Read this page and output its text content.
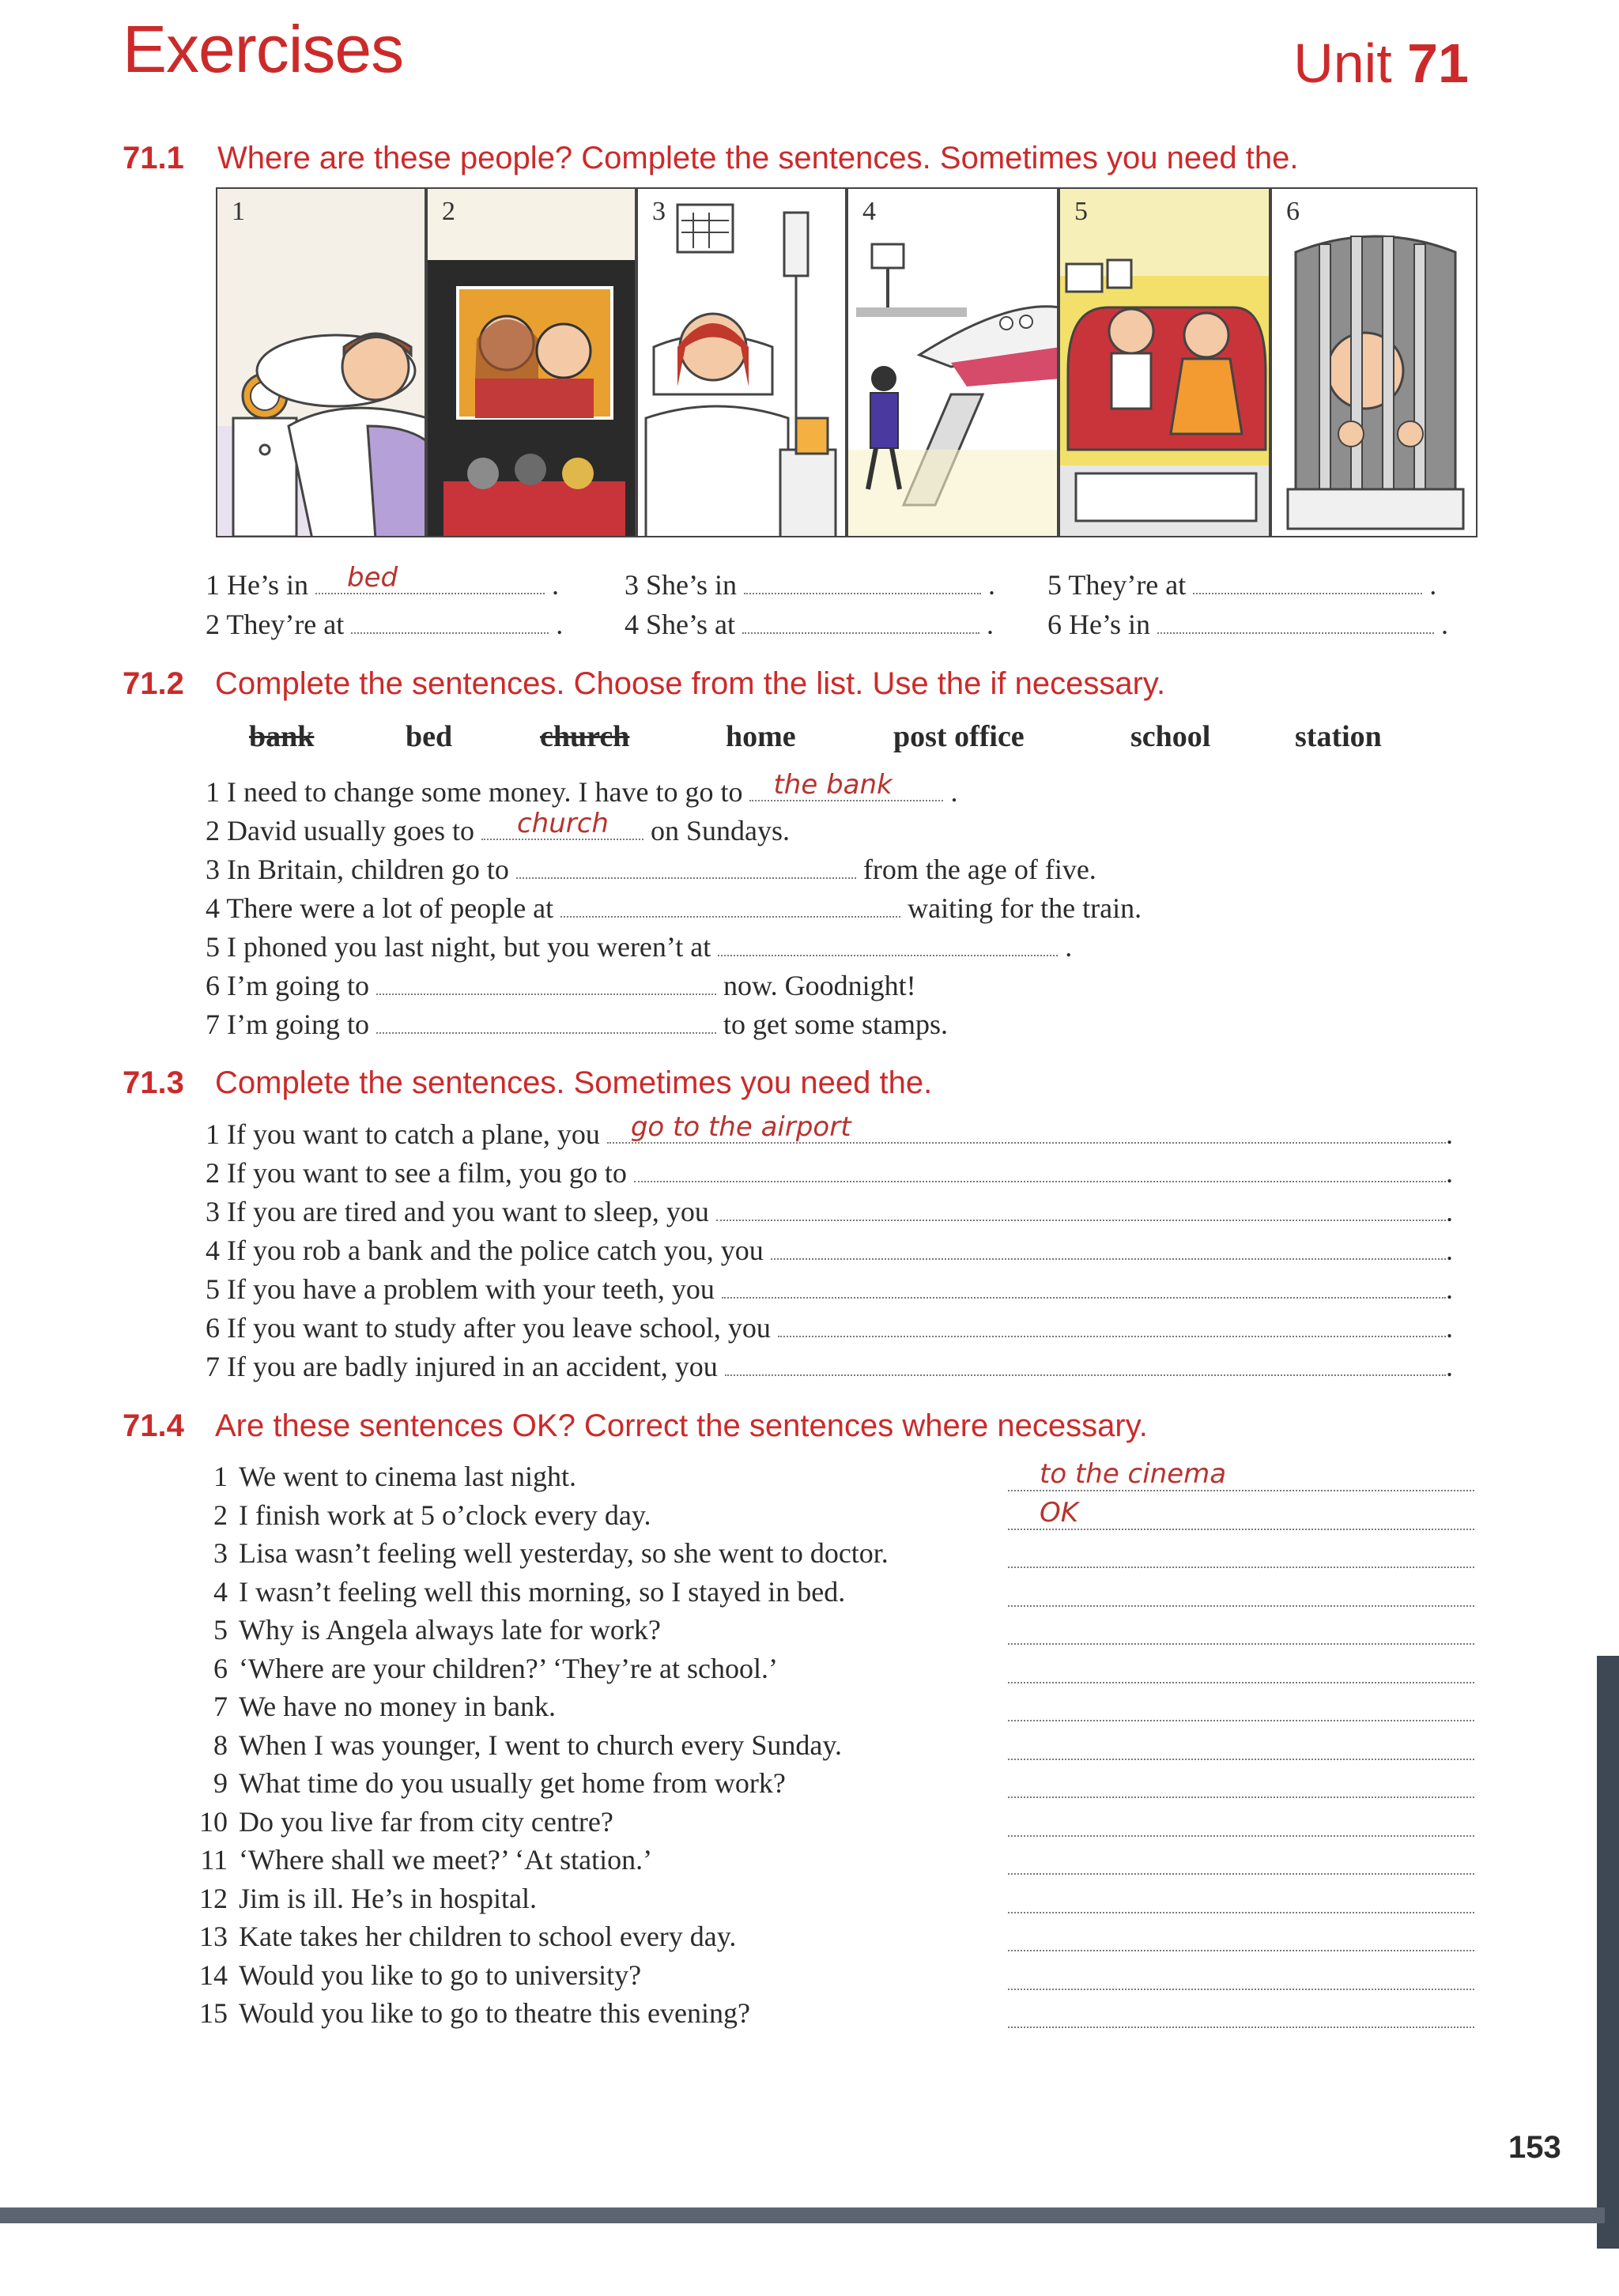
Exercises	Unit 71
71.1 Where are these people? Complete the sentences. Sometimes you need the.
1	2	3	4	5	6
1 He’s in bed	.
2 They’re at	.
3 She’s in	.
4 She’s at	.
5 They’re at	.
6 He’s in	.
71.2 Complete the sentences. Choose from the list. Use the if necessary.
bank	bed	church	home	post office	school	station
1 I need to change some money. I have to go to the bank .
2 David usually goes to church on Sundays.
3 In Britain, children go to	from the age of five.
4 There were a lot of people at	waiting for the train.
5 I phoned you last night, but you weren’t at	.
6 I’m going to	now. Goodnight!
7 I’m going to	to get some stamps.
71.3 Complete the sentences. Sometimes you need the.
1 If you want to catch a plane, you go to the airport	.
2 If you want to see a film, you go to	.
3 If you are tired and you want to sleep, you	.
4 If you rob a bank and the police catch you, you	.
5 If you have a problem with your teeth, you	.
6 If you want to study after you leave school, you	.
7 If you are badly injured in an accident, you	.
71.4 Are these sentences OK? Correct the sentences where necessary.
1 We went to cinema last night.	to the cinema
2 I finish work at 5 o’clock every day.	OK
3 Lisa wasn’t feeling well yesterday, so she went to doctor.
4 I wasn’t feeling well this morning, so I stayed in bed.
5 Why is Angela always late for work?
6 ‘Where are your children?’ ‘They’re at school.’
7 We have no money in bank.
8 When I was younger, I went to church every Sunday.
9 What time do you usually get home from work?
10 Do you live far from city centre?
11 ‘Where shall we meet?’ ‘At station.’
12 Jim is ill. He’s in hospital.
13 Kate takes her children to school every day.
14 Would you like to go to university?
15 Would you like to go to theatre this evening?
153
